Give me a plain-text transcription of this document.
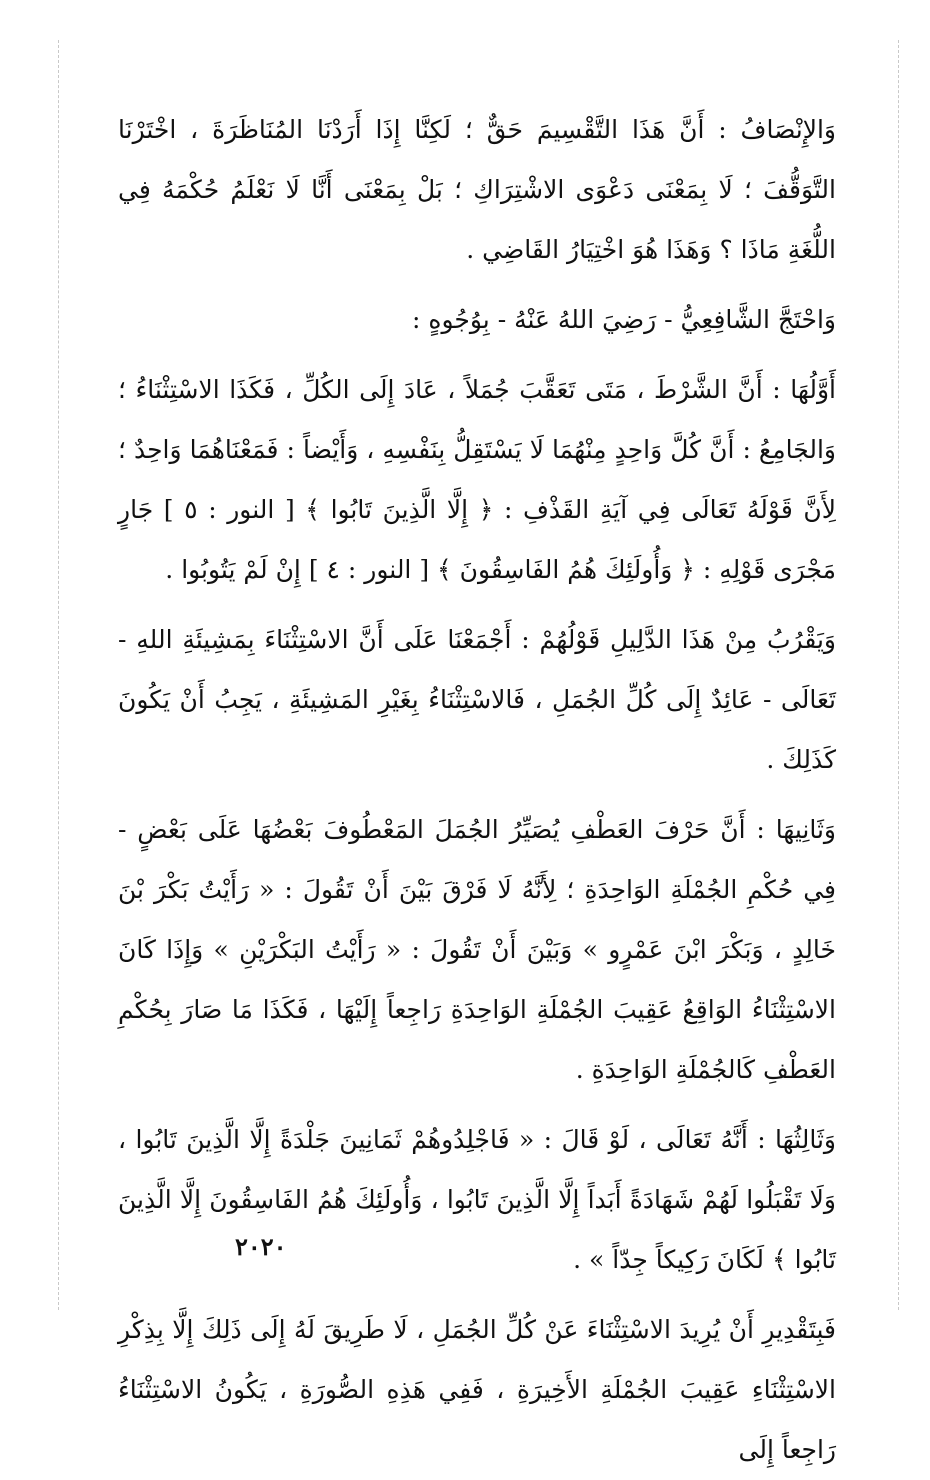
وَالإِنْصَافُ : أَنَّ هَذَا التَّقْسِيمَ حَقٌّ ؛ لَكِنَّا إِذَا أَرَدْنَا المُنَاظَرَةَ ، اخْتَرْنَا التَّوَقُّفَ ؛ لَا بِمَعْنَى دَعْوَى الاشْتِرَاكِ ؛ بَلْ بِمَعْنَى أَنَّا لَا نَعْلَمُ حُكْمَهُ فِي اللُّغَةِ مَاذَا ؟ وَهَذَا هُوَ اخْتِيَارُ القَاضِي .

وَاحْتَجَّ الشَّافِعِيُّ - رَضِيَ اللهُ عَنْهُ - بِوُجُوهٍ :

أَوَّلُهَا : أَنَّ الشَّرْطَ ، مَتَى تَعَقَّبَ جُمَلاً ، عَادَ إِلَى الكُلِّ ، فَكَذَا الاسْتِثْنَاءُ ؛ وَالجَامِعُ : أَنَّ كُلَّ وَاحِدٍ مِنْهُمَا لَا يَسْتَقِلُّ بِنَفْسِهِ ، وَأَيْضاً : فَمَعْنَاهُمَا وَاحِدٌ ؛ لِأَنَّ قَوْلَهُ تَعَالَى فِي آيَةِ القَذْفِ : ﴿ إِلَّا الَّذِينَ تَابُوا ﴾ [ النور : ٥ ] جَارٍ مَجْرَى قَوْلِهِ : ﴿ وَأُولَئِكَ هُمُ الفَاسِقُونَ ﴾ [ النور : ٤ ] إِنْ لَمْ يَتُوبُوا .

وَيَقْرُبُ مِنْ هَذَا الدَّلِيلِ قَوْلُهُمْ : أَجْمَعْنَا عَلَى أَنَّ الاسْتِثْنَاءَ بِمَشِيئَةِ اللهِ - تَعَالَى - عَائِدٌ إِلَى كُلِّ الجُمَلِ ، فَالاسْتِثْنَاءُ بِغَيْرِ المَشِيئَةِ ، يَجِبُ أَنْ يَكُونَ كَذَلِكَ .

وَثَانِيهَا : أَنَّ حَرْفَ العَطْفِ يُصَيِّرُ الجُمَلَ المَعْطُوفَ بَعْضُهَا عَلَى بَعْضٍ - فِي حُكْمِ الجُمْلَةِ الوَاحِدَةِ ؛ لِأَنَّهُ لَا فَرْقَ بَيْنَ أَنْ تَقُولَ : « رَأَيْتُ بَكْرَ بْنَ خَالِدٍ ، وَبَكْرَ ابْنَ عَمْرٍو » وَبَيْنَ أَنْ تَقُولَ : « رَأَيْتُ البَكْرَيْنِ » وَإِذَا كَانَ الاسْتِثْنَاءُ الوَاقِعُ عَقِيبَ الجُمْلَةِ الوَاحِدَةِ رَاجِعاً إِلَيْهَا ، فَكَذَا مَا صَارَ بِحُكْمِ العَطْفِ كَالجُمْلَةِ الوَاحِدَةِ .

وَثَالِثُهَا : أَنَّهُ تَعَالَى ، لَوْ قَالَ : « فَاجْلِدُوهُمْ ثَمَانِينَ جَلْدَةً إِلَّا الَّذِينَ تَابُوا ، وَلَا تَقْبَلُوا لَهُمْ شَهَادَةً أَبَداً إِلَّا الَّذِينَ تَابُوا ، وَأُولَئِكَ هُمُ الفَاسِقُونَ إِلَّا الَّذِينَ تَابُوا ﴾ لَكَانَ رَكِيكاً جِدّاً » .

فَبِتَقْدِيرِ أَنْ يُرِيدَ الاسْتِثْنَاءَ عَنْ كُلِّ الجُمَلِ ، لَا طَرِيقَ لَهُ إِلَى ذَلِكَ إِلَّا بِذِكْرِ الاسْتِثْنَاءِ عَقِيبَ الجُمْلَةِ الأَخِيرَةِ ، فَفِي هَذِهِ الصُّورَةِ ، يَكُونُ الاسْتِثْنَاءُ رَاجِعاً إِلَى

٢٠٢٠
